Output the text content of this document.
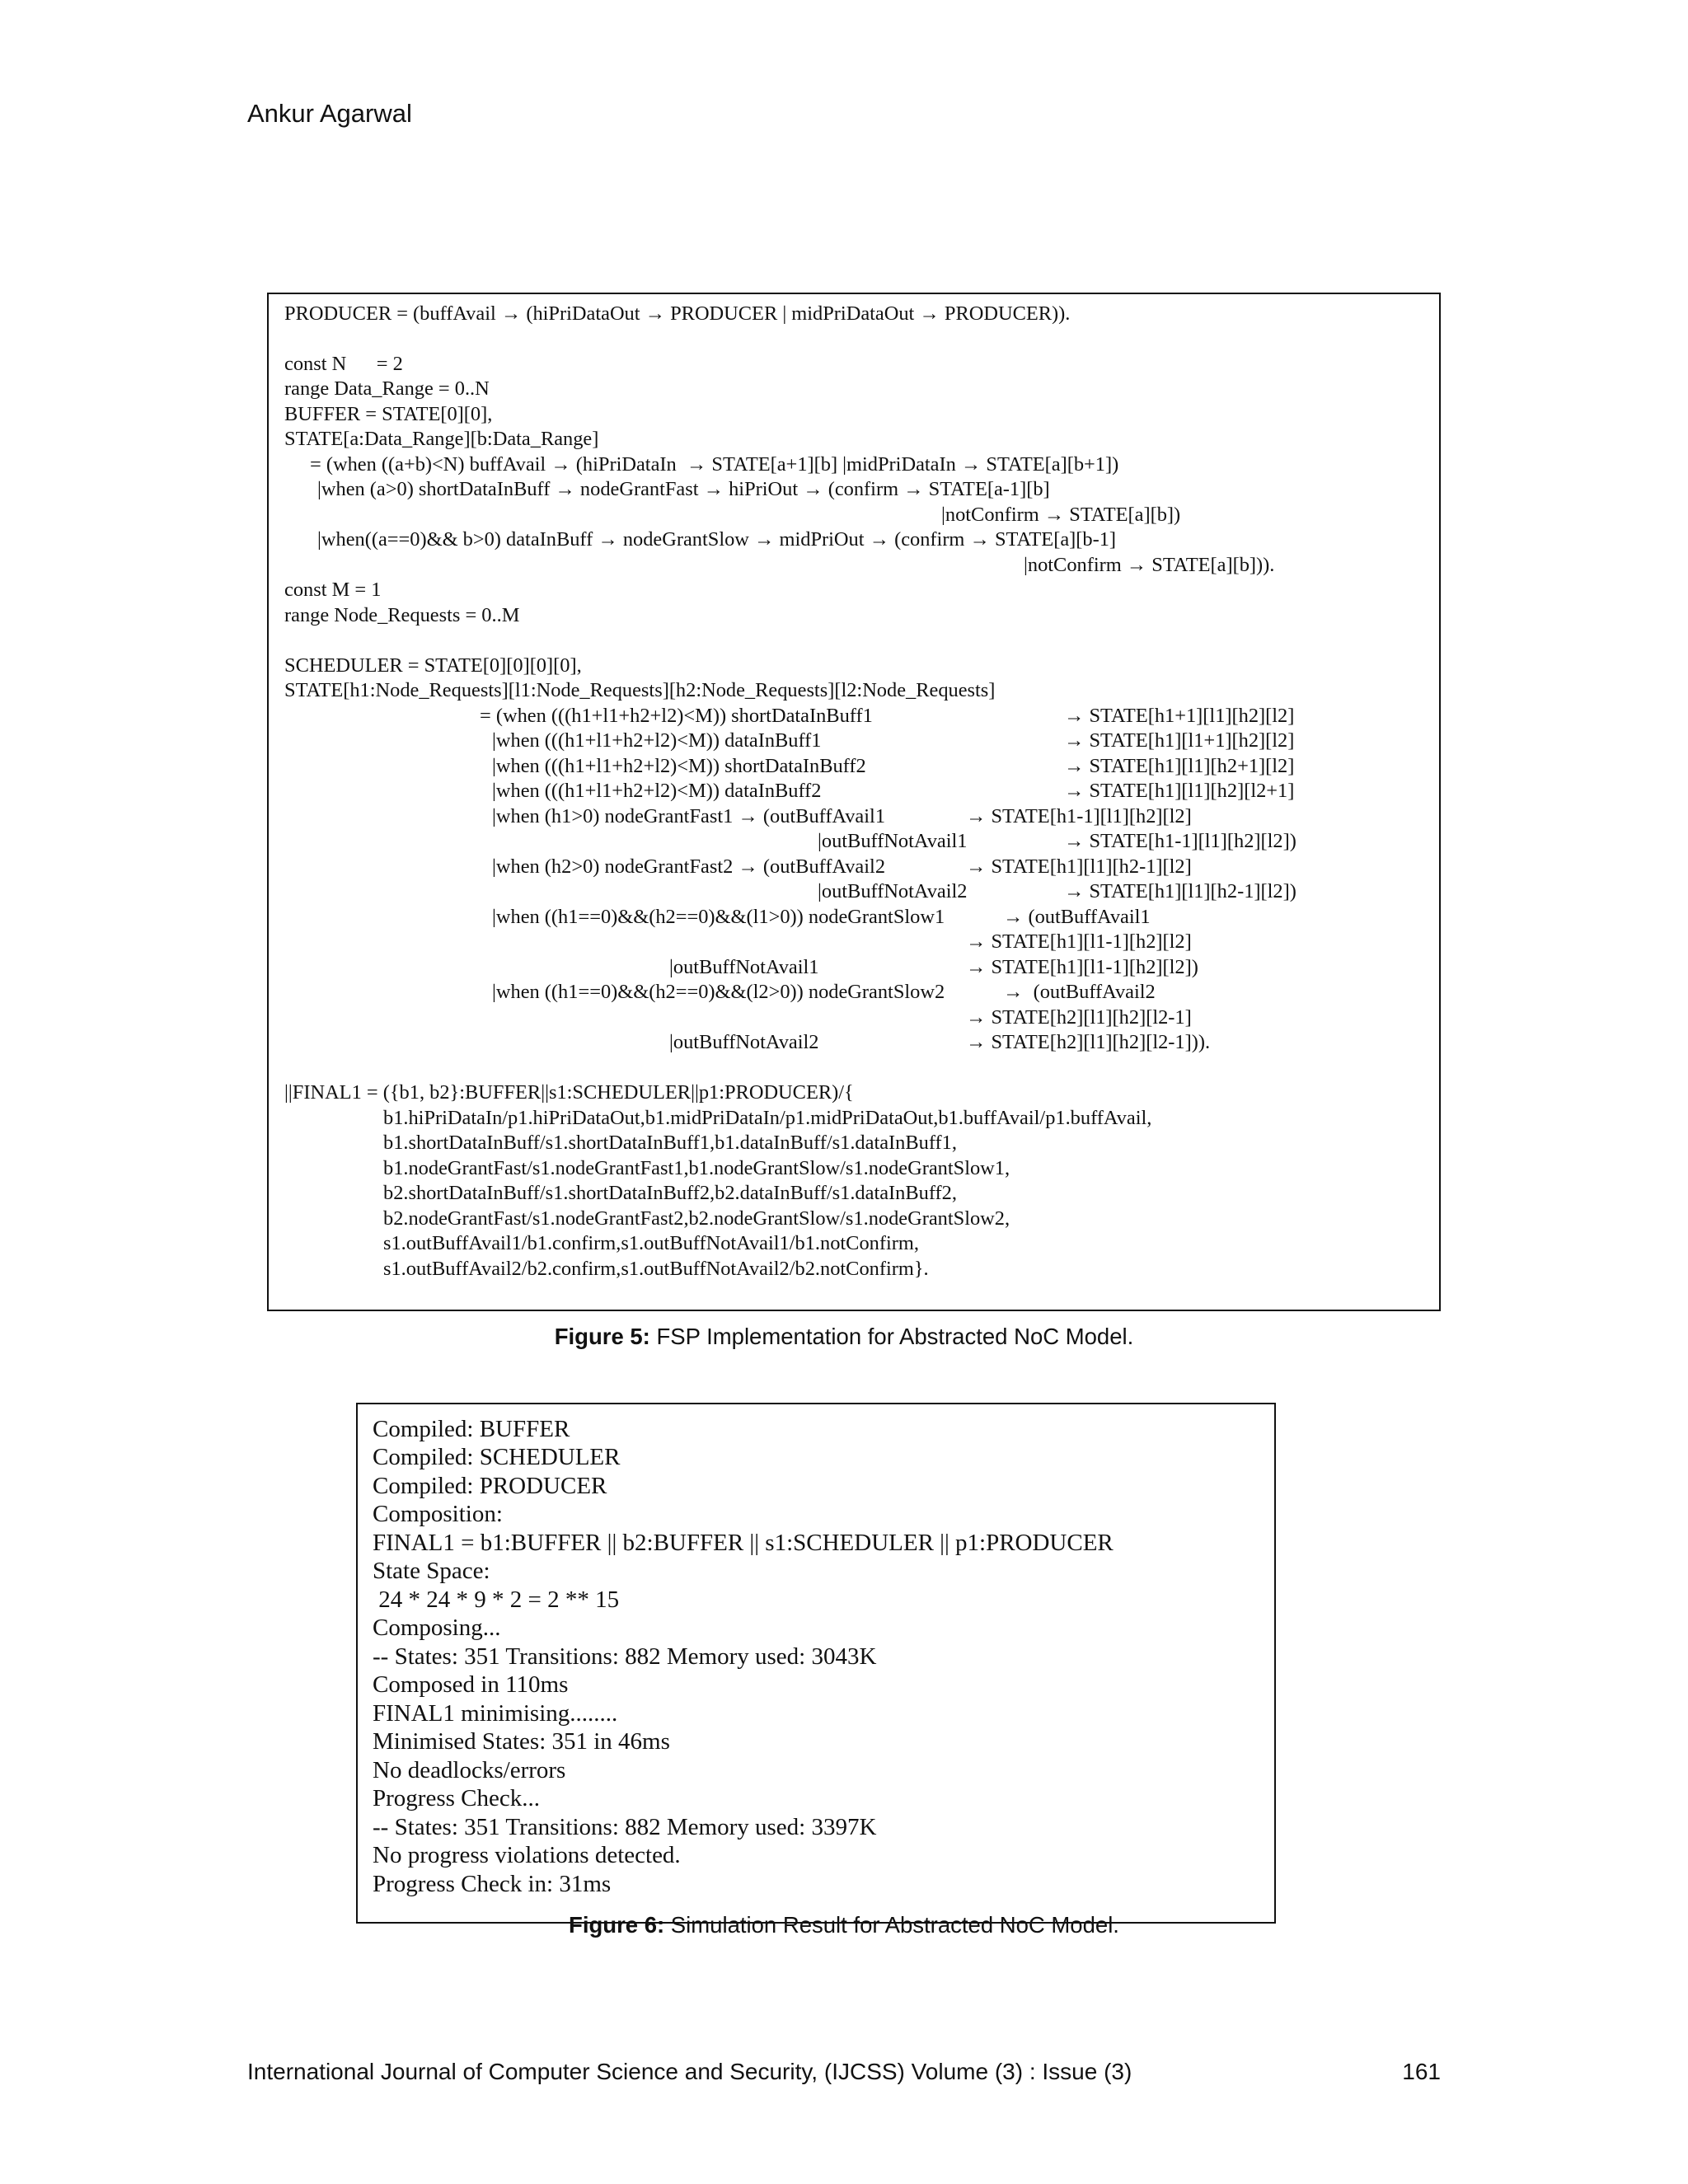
Ankur Agarwal
PRODUCER = (buffAvail → (hiPriDataOut → PRODUCER | midPriDataOut → PRODUCER)).
const N      = 2
range Data_Range = 0..N
BUFFER = STATE[0][0],
STATE[a:Data_Range][b:Data_Range]
= (when ((a+b)<N) buffAvail → (hiPriDataIn  → STATE[a+1][b] |midPriDataIn → STATE[a][b+1])
|when (a>0) shortDataInBuff → nodeGrantFast → hiPriOut → (confirm → STATE[a-1][b]
|notConfirm → STATE[a][b])
|when((a==0)&& b>0) dataInBuff → nodeGrantSlow → midPriOut → (confirm → STATE[a][b-1]
|notConfirm → STATE[a][b])).
const M = 1
range Node_Requests = 0..M
SCHEDULER = STATE[0][0][0][0],
STATE[h1:Node_Requests][l1:Node_Requests][h2:Node_Requests][l2:Node_Requests]
= (when (((h1+l1+h2+l2)<M)) shortDataInBuff1	→ STATE[h1+1][l1][h2][l2]
|when (((h1+l1+h2+l2)<M)) dataInBuff1	→ STATE[h1][l1+1][h2][l2]
|when (((h1+l1+h2+l2)<M)) shortDataInBuff2	→ STATE[h1][l1][h2+1][l2]
|when (((h1+l1+h2+l2)<M)) dataInBuff2	→ STATE[h1][l1][h2][l2+1]
|when (h1>0) nodeGrantFast1 → (outBuffAvail1	→ STATE[h1-1][l1][h2][l2]
|outBuffNotAvail1	→ STATE[h1-1][l1][h2][l2])
|when (h2>0) nodeGrantFast2 → (outBuffAvail2	→ STATE[h1][l1][h2-1][l2]
|outBuffNotAvail2	→ STATE[h1][l1][h2-1][l2])
|when ((h1==0)&&(h2==0)&&(l1>0)) nodeGrantSlow1	→ (outBuffAvail1
→ STATE[h1][l1-1][h2][l2]
|outBuffNotAvail1	→ STATE[h1][l1-1][h2][l2])
|when ((h1==0)&&(h2==0)&&(l2>0)) nodeGrantSlow2	→  (outBuffAvail2
→ STATE[h2][l1][h2][l2-1]
|outBuffNotAvail2	→ STATE[h2][l1][h2][l2-1])).
||FINAL1 = ({b1, b2}:BUFFER||s1:SCHEDULER||p1:PRODUCER)/{
b1.hiPriDataIn/p1.hiPriDataOut,b1.midPriDataIn/p1.midPriDataOut,b1.buffAvail/p1.buffAvail,
b1.shortDataInBuff/s1.shortDataInBuff1,b1.dataInBuff/s1.dataInBuff1,
b1.nodeGrantFast/s1.nodeGrantFast1,b1.nodeGrantSlow/s1.nodeGrantSlow1,
b2.shortDataInBuff/s1.shortDataInBuff2,b2.dataInBuff/s1.dataInBuff2,
b2.nodeGrantFast/s1.nodeGrantFast2,b2.nodeGrantSlow/s1.nodeGrantSlow2,
s1.outBuffAvail1/b1.confirm,s1.outBuffNotAvail1/b1.notConfirm,
s1.outBuffAvail2/b2.confirm,s1.outBuffNotAvail2/b2.notConfirm}.
Figure 5: FSP Implementation for Abstracted NoC Model.
Compiled: BUFFER
Compiled: SCHEDULER
Compiled: PRODUCER
Composition:
FINAL1 = b1:BUFFER || b2:BUFFER || s1:SCHEDULER || p1:PRODUCER
State Space:
24 * 24 * 9 * 2 = 2 ** 15
Composing...
-- States: 351 Transitions: 882 Memory used: 3043K
Composed in 110ms
FINAL1 minimising........
Minimised States: 351 in 46ms
No deadlocks/errors
Progress Check...
-- States: 351 Transitions: 882 Memory used: 3397K
No progress violations detected.
Progress Check in: 31ms
Figure 6: Simulation Result for Abstracted NoC Model.
International Journal of Computer Science and Security, (IJCSS) Volume (3) : Issue (3)	161
